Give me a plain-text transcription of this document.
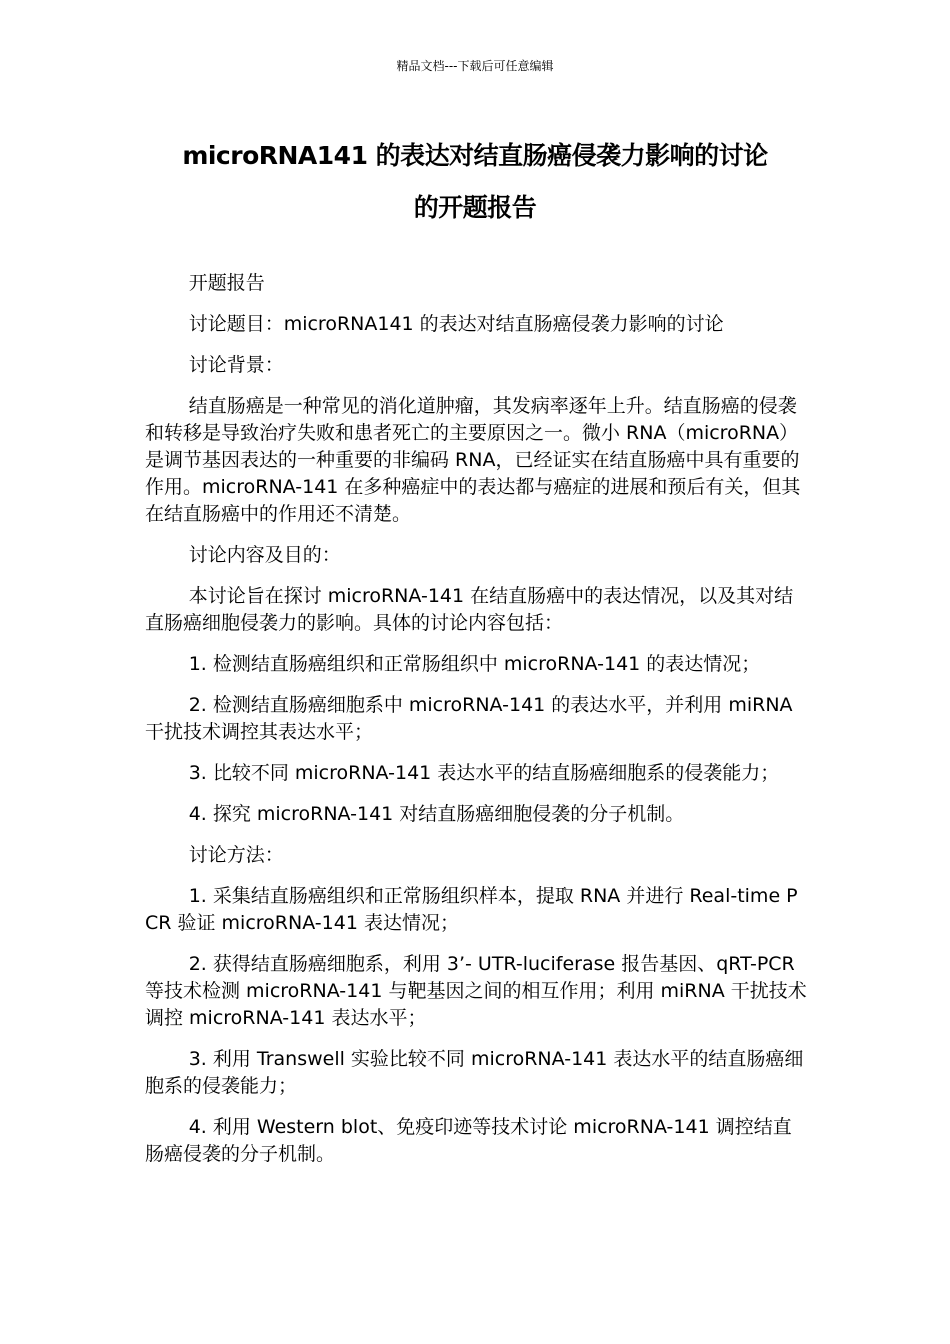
精品文档---下载后可任意编辑
microRNA141 的表达对结直肠癌侵袭力影响的讨论
的开题报告

开题报告

讨论题目：microRNA141 的表达对结直肠癌侵袭力影响的讨论

讨论背景：

结直肠癌是一种常见的消化道肿瘤，其发病率逐年上升。结直肠癌的侵袭和转移是导致治疗失败和患者死亡的主要原因之一。微小 RNA（microRNA）是调节基因表达的一种重要的非编码 RNA，已经证实在结直肠癌中具有重要的作用。microRNA-141 在多种癌症中的表达都与癌症的进展和预后有关，但其在结直肠癌中的作用还不清楚。

讨论内容及目的：

本讨论旨在探讨 microRNA-141 在结直肠癌中的表达情况，以及其对结直肠癌细胞侵袭力的影响。具体的讨论内容包括：

1. 检测结直肠癌组织和正常肠组织中 microRNA-141 的表达情况；

2. 检测结直肠癌细胞系中 microRNA-141 的表达水平，并利用 miRNA 干扰技术调控其表达水平；

3. 比较不同 microRNA-141 表达水平的结直肠癌细胞系的侵袭能力；

4. 探究 microRNA-141 对结直肠癌细胞侵袭的分子机制。

讨论方法：

1. 采集结直肠癌组织和正常肠组织样本，提取 RNA 并进行 Real-time PCR 验证 microRNA-141 表达情况；

2. 获得结直肠癌细胞系，利用 3’- UTR-luciferase 报告基因、qRT-PCR 等技术检测 microRNA-141 与靶基因之间的相互作用；利用 miRNA 干扰技术调控 microRNA-141 表达水平；

3. 利用 Transwell 实验比较不同 microRNA-141 表达水平的结直肠癌细胞系的侵袭能力；

4. 利用 Western blot、免疫印迹等技术讨论 microRNA-141 调控结直肠癌侵袭的分子机制。
